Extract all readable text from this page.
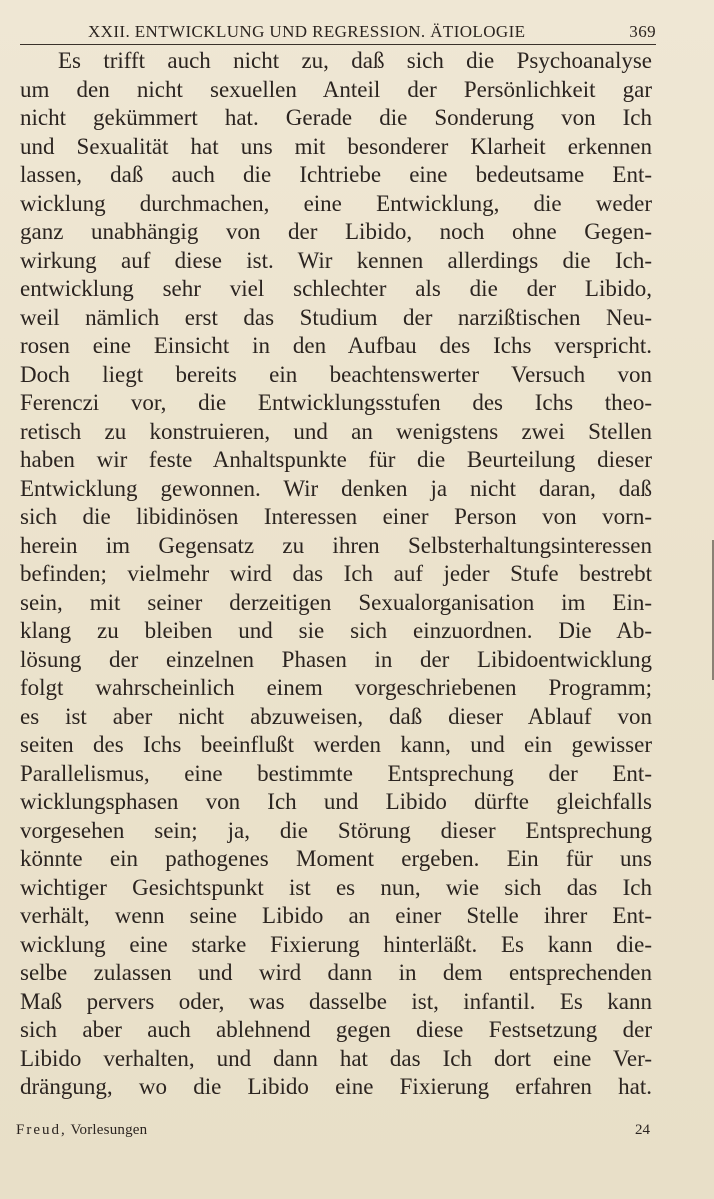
XXII. ENTWICKLUNG UND REGRESSION. ÄTIOLOGIE	369
Es trifft auch nicht zu, daß sich die Psychoanalyse
um den nicht sexuellen Anteil der Persönlichkeit gar
nicht gekümmert hat. Gerade die Sonderung von Ich
und Sexualität hat uns mit besonderer Klarheit erkennen
lassen, daß auch die Ichtriebe eine bedeutsame Ent-
wicklung durchmachen, eine Entwicklung, die weder
ganz unabhängig von der Libido, noch ohne Gegen-
wirkung auf diese ist. Wir kennen allerdings die Ich-
entwicklung sehr viel schlechter als die der Libido,
weil nämlich erst das Studium der narzißtischen Neu-
rosen eine Einsicht in den Aufbau des Ichs verspricht.
Doch liegt bereits ein beachtenswerter Versuch von
Ferenczi vor, die Entwicklungsstufen des Ichs theo-
retisch zu konstruieren, und an wenigstens zwei Stellen
haben wir feste Anhaltspunkte für die Beurteilung dieser
Entwicklung gewonnen. Wir denken ja nicht daran, daß
sich die libidinösen Interessen einer Person von vorn-
herein im Gegensatz zu ihren Selbsterhaltungsinteressen
befinden; vielmehr wird das Ich auf jeder Stufe bestrebt
sein, mit seiner derzeitigen Sexualorganisation im Ein-
klang zu bleiben und sie sich einzuordnen. Die Ab-
lösung der einzelnen Phasen in der Libidoentwicklung
folgt wahrscheinlich einem vorgeschriebenen Programm;
es ist aber nicht abzuweisen, daß dieser Ablauf von
seiten des Ichs beeinflußt werden kann, und ein gewisser
Parallelismus, eine bestimmte Entsprechung der Ent-
wicklungsphasen von Ich und Libido dürfte gleichfalls
vorgesehen sein; ja, die Störung dieser Entsprechung
könnte ein pathogenes Moment ergeben. Ein für uns
wichtiger Gesichtspunkt ist es nun, wie sich das Ich
verhält, wenn seine Libido an einer Stelle ihrer Ent-
wicklung eine starke Fixierung hinterläßt. Es kann die-
selbe zulassen und wird dann in dem entsprechenden
Maß pervers oder, was dasselbe ist, infantil. Es kann
sich aber auch ablehnend gegen diese Festsetzung der
Libido verhalten, und dann hat das Ich dort eine Ver-
drängung, wo die Libido eine Fixierung erfahren hat.
Freud, Vorlesungen	24
